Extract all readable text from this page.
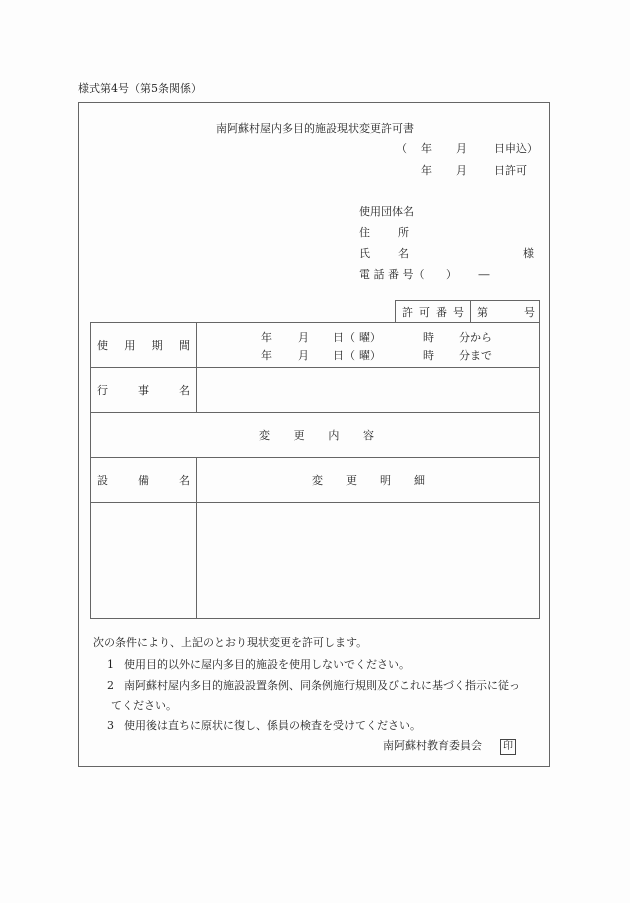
様式第4号（第5条関係）
南阿蘇村屋内多目的施設現状変更許可書
（ 年 月 日申込）
年 月 日許可
使用団体名
住	所
氏	名	様
電 話 番 号（ ） ―
許 可 番 号 第	号
使 用 期 間

年 月 日（ 曜）	時 分から
年 月 日（ 曜）	時 分まで

行 事 名	

変 更 内 容	

設 備 名	変 更 明 細

次の条件により、上記のとおり現状変更を許可します。
1 使用目的以外に屋内多目的施設を使用しないでください。
2 南阿蘇村屋内多目的施設設置条例、同条例施行規則及びこれに基づく指示に従っ
てください。
3 使用後は直ちに原状に復し、係員の検査を受けてください。
南阿蘇村教育委員会 印
